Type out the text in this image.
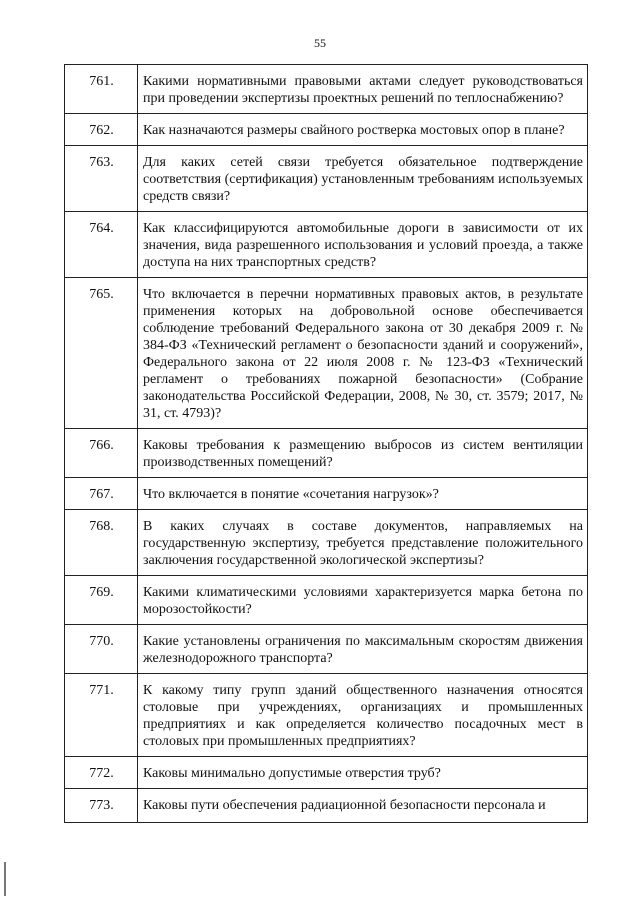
55
761.	Какими нормативными правовыми актами следует руководствоваться при проведении экспертизы проектных решений по теплоснабжению?
762.	Как назначаются размеры свайного ростверка мостовых опор в плане?
763.	Для каких сетей связи требуется обязательное подтверждение соответствия (сертификация) установленным требованиям используемых средств связи?
764.	Как классифицируются автомобильные дороги в зависимости от их значения, вида разрешенного использования и условий проезда, а также доступа на них транспортных средств?
765.	Что включается в перечни нормативных правовых актов, в результате применения которых на добровольной основе обеспечивается соблюдение требований Федерального закона от 30 декабря 2009 г. № 384-ФЗ «Технический регламент о безопасности зданий и сооружений», Федерального закона от 22 июля 2008 г. № 123-ФЗ «Технический регламент о требованиях пожарной безопасности» (Собрание законодательства Российской Федерации, 2008, № 30, ст. 3579; 2017, № 31, ст. 4793)?
766.	Каковы требования к размещению выбросов из систем вентиляции производственных помещений?
767.	Что включается в понятие «сочетания нагрузок»?
768.	В каких случаях в составе документов, направляемых на государственную экспертизу, требуется представление положительного заключения государственной экологической экспертизы?
769.	Какими климатическими условиями характеризуется марка бетона по морозостойкости?
770.	Какие установлены ограничения по максимальным скоростям движения железнодорожного транспорта?
771.	К какому типу групп зданий общественного назначения относятся столовые при учреждениях, организациях и промышленных предприятиях и как определяется количество посадочных мест в столовых при промышленных предприятиях?
772.	Каковы минимально допустимые отверстия труб?
773.	Каковы пути обеспечения радиационной безопасности персонала и
